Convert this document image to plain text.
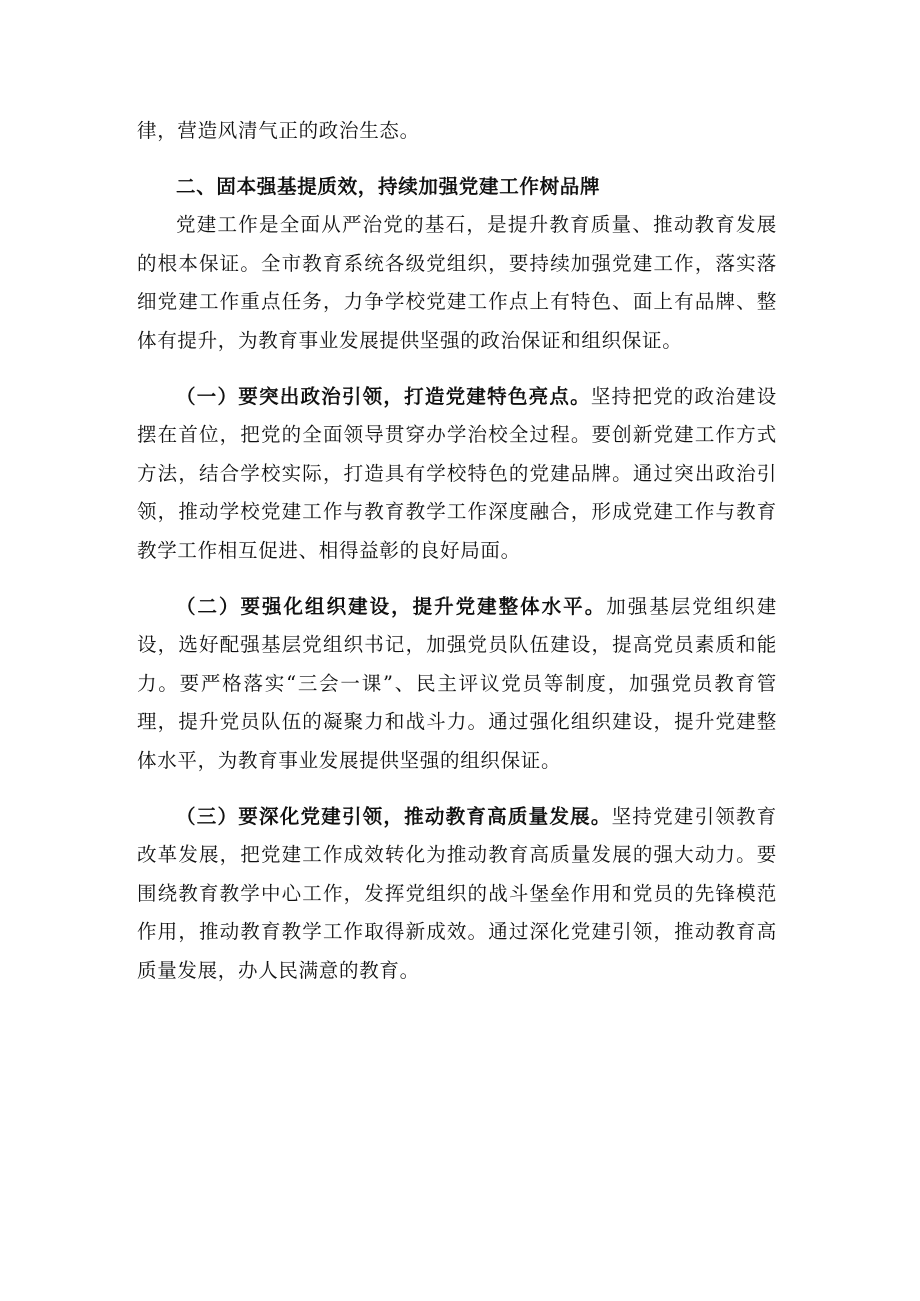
律，营造风清气正的政治生态。

二、固本强基提质效，持续加强党建工作树品牌

党建工作是全面从严治党的基石，是提升教育质量、推动教育发展的根本保证。全市教育系统各级党组织，要持续加强党建工作，落实落细党建工作重点任务，力争学校党建工作点上有特色、面上有品牌、整体有提升，为教育事业发展提供坚强的政治保证和组织保证。

（一）要突出政治引领，打造党建特色亮点。坚持把党的政治建设摆在首位，把党的全面领导贯穿办学治校全过程。要创新党建工作方式方法，结合学校实际，打造具有学校特色的党建品牌。通过突出政治引领，推动学校党建工作与教育教学工作深度融合，形成党建工作与教育教学工作相互促进、相得益彰的良好局面。

（二）要强化组织建设，提升党建整体水平。加强基层党组织建设，选好配强基层党组织书记，加强党员队伍建设，提高党员素质和能力。要严格落实“三会一课”、民主评议党员等制度，加强党员教育管理，提升党员队伍的凝聚力和战斗力。通过强化组织建设，提升党建整体水平，为教育事业发展提供坚强的组织保证。

（三）要深化党建引领，推动教育高质量发展。坚持党建引领教育改革发展，把党建工作成效转化为推动教育高质量发展的强大动力。要围绕教育教学中心工作，发挥党组织的战斗堡垒作用和党员的先锋模范作用，推动教育教学工作取得新成效。通过深化党建引领，推动教育高质量发展，办人民满意的教育。
